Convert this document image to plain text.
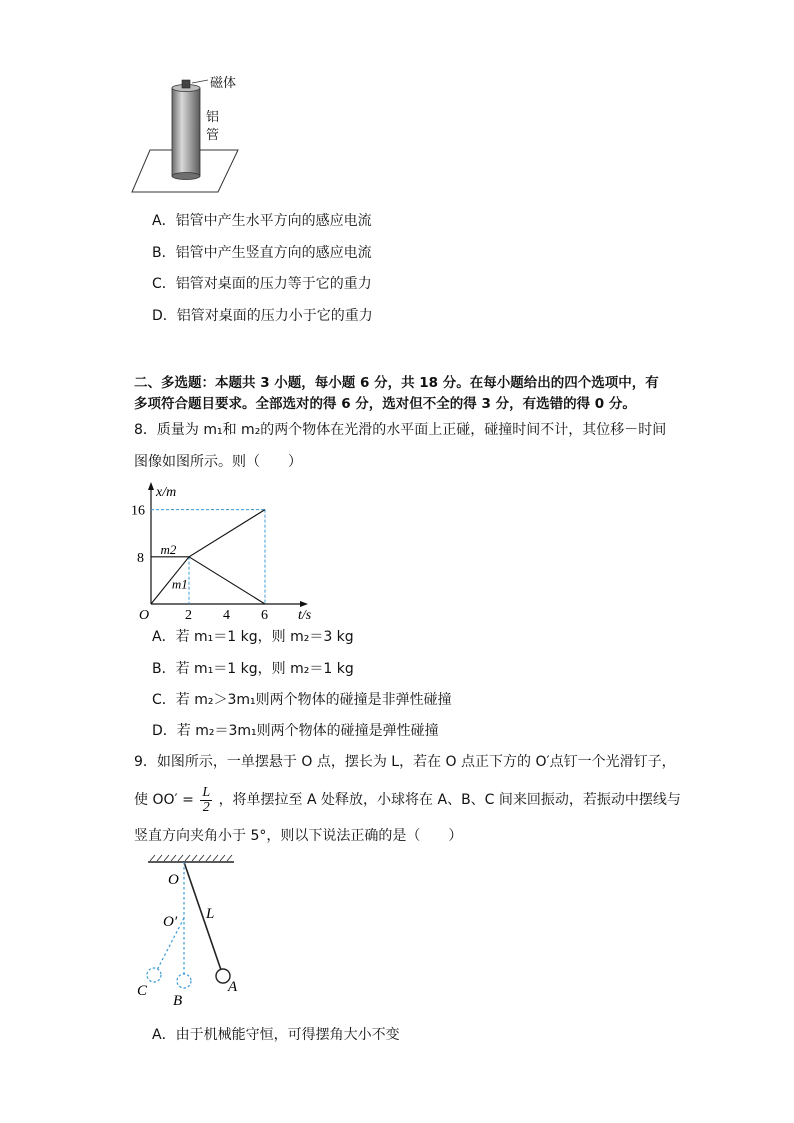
磁体
铝
管
A．铝管中产生水平方向的感应电流
B．铝管中产生竖直方向的感应电流
C．铝管对桌面的压力等于它的重力
D．铝管对桌面的压力小于它的重力
二、多选题：本题共 3 小题，每小题 6 分，共 18 分。在每小题给出的四个选项中，有
多项符合题目要求。全部选对的得 6 分，选对但不全的得 3 分，有选错的得 0 分。
8．质量为 m₁和 m₂的两个物体在光滑的水平面上正碰，碰撞时间不计，其位移－时间
图像如图所示。则（　　）
2 4 6
8
16
O	t/s
x/m
m2
m1
A．若 m₁＝1 kg，则 m₂＝3 kg
B．若 m₁＝1 kg，则 m₂＝1 kg
C．若 m₂＞3m₁则两个物体的碰撞是非弹性碰撞
D．若 m₂＝3m₁则两个物体的碰撞是弹性碰撞
9．如图所示，一单摆悬于 O 点，摆长为 L，若在 O 点正下方的 O′点钉一个光滑钉子，
使 $OO' = \frac{L}{2}$ ，将单摆拉至 A 处释放，小球将在 A、B、C 间来回振动，若振动中摆线与
竖直方向夹角小于 5°，则以下说法正确的是（　　）
O
O′ L
A
B
C
A．由于机械能守恒，可得摆角大小不变
